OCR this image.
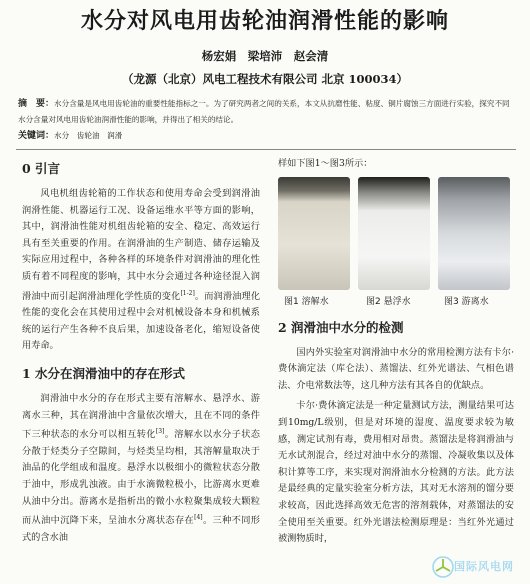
水分对风电用齿轮油润滑性能的影响
杨宏娟　梁培沛　赵会清
（龙源（北京）风电工程技术有限公司 北京 100034）
摘　要：水分含量是风电用齿轮油的重要性能指标之一。为了研究两者之间的关系，本文从抗磨性能、粘度、铜片腐蚀三方面进行实验，探究不同水分含量对风电用齿轮油润滑性能的影响，并得出了相关的结论。
关键词：水分　齿轮油　润滑
0 引言

风电机组齿轮箱的工作状态和使用寿命会受到润滑油润滑性能、机器运行工况、设备运维水平等方面的影响，其中，润滑油性能对机组齿轮箱的安全、稳定、高效运行具有至关重要的作用。在润滑油的生产制造、储存运输及实际应用过程中，各种各样的环境条件对润滑油的理化性质有着不同程度的影响，其中水分会通过各种途径混入润滑油中而引起润滑油理化学性质的变化[1-2]。而润滑油理化性能的变化会在其使用过程中会对机械设备本身和机械系统的运行产生各种不良后果，加速设备老化，缩短设备使用寿命。

1 水分在润滑油中的存在形式

润滑油中水分的存在形式主要有溶解水、悬浮水、游离水三种，其在润滑油中含量依次增大，且在不同的条件下三种状态的水分可以相互转化[3]。溶解水以水分子状态分散于烃类分子空隙间，与烃类呈均相，其溶解量取决于油品的化学组成和温度。悬浮水以极细小的微粒状态分散于油中，形成乳浊液。由于水滴微粒极小，比游离水更难从油中分出。游离水是指析出的微小水粒聚集成较大颗粒而从油中沉降下来，呈油水分离状态存在[4]。三种不同形式的含水油

样如下图1～图3所示：
图1 溶解水	图2 悬浮水	图3 游离水
2 润滑油中水分的检测

国内外实验室对润滑油中水分的常用检测方法有卡尔·费休滴定法（库仑法）、蒸馏法、红外光谱法、气相色谱法、介电常数法等，这几种方法有其各自的优缺点。

卡尔·费休滴定法是一种定量测试方法，测量结果可达到10mg/L级别，但是对环境的湿度、温度要求较为敏感，测定试剂有毒，费用相对昂贵。蒸馏法是将润滑油与无水试剂混合，经过对油中水分的蒸馏、冷凝收集以及体积计算等工序，来实现对润滑油水分检测的方法。此方法是最经典的定量实验室分析方法，其对无水溶剂的馏分要求较高，因此选择高效无危害的溶剂载体，对蒸馏法的安全使用至关重要。红外光谱法检测原理是：当红外光通过被测物质时，

国际风电网
